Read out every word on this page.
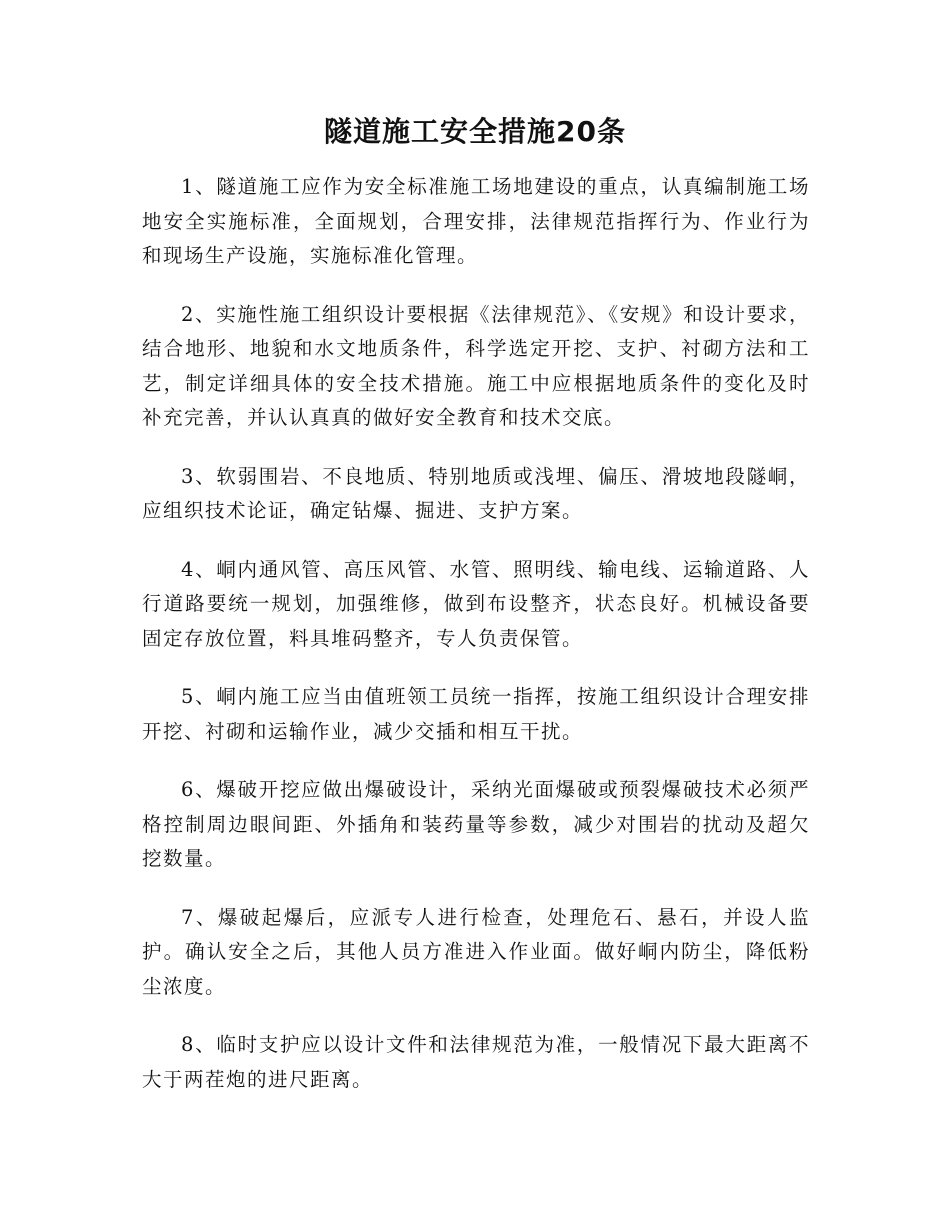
隧道施工安全措施20条

1、隧道施工应作为安全标准施工场地建设的重点，认真编制施工场地安全实施标准，全面规划，合理安排，法律规范指挥行为、作业行为和现场生产设施，实施标准化管理。

2、实施性施工组织设计要根据《法律规范》、《安规》和设计要求，结合地形、地貌和水文地质条件，科学选定开挖、支护、衬砌方法和工艺，制定详细具体的安全技术措施。施工中应根据地质条件的变化及时补充完善，并认认真真的做好安全教育和技术交底。

3、软弱围岩、不良地质、特别地质或浅埋、偏压、滑坡地段隧峒，应组织技术论证，确定钻爆、掘进、支护方案。

4、峒内通风管、高压风管、水管、照明线、输电线、运输道路、人行道路要统一规划，加强维修，做到布设整齐，状态良好。机械设备要固定存放位置，料具堆码整齐，专人负责保管。

5、峒内施工应当由值班领工员统一指挥，按施工组织设计合理安排开挖、衬砌和运输作业，减少交插和相互干扰。

6、爆破开挖应做出爆破设计，采纳光面爆破或预裂爆破技术必须严格控制周边眼间距、外插角和装药量等参数，减少对围岩的扰动及超欠挖数量。

7、爆破起爆后，应派专人进行检查，处理危石、悬石，并设人监护。确认安全之后，其他人员方准进入作业面。做好峒内防尘，降低粉尘浓度。

8、临时支护应以设计文件和法律规范为准，一般情况下最大距离不大于两茬炮的进尺距离。
